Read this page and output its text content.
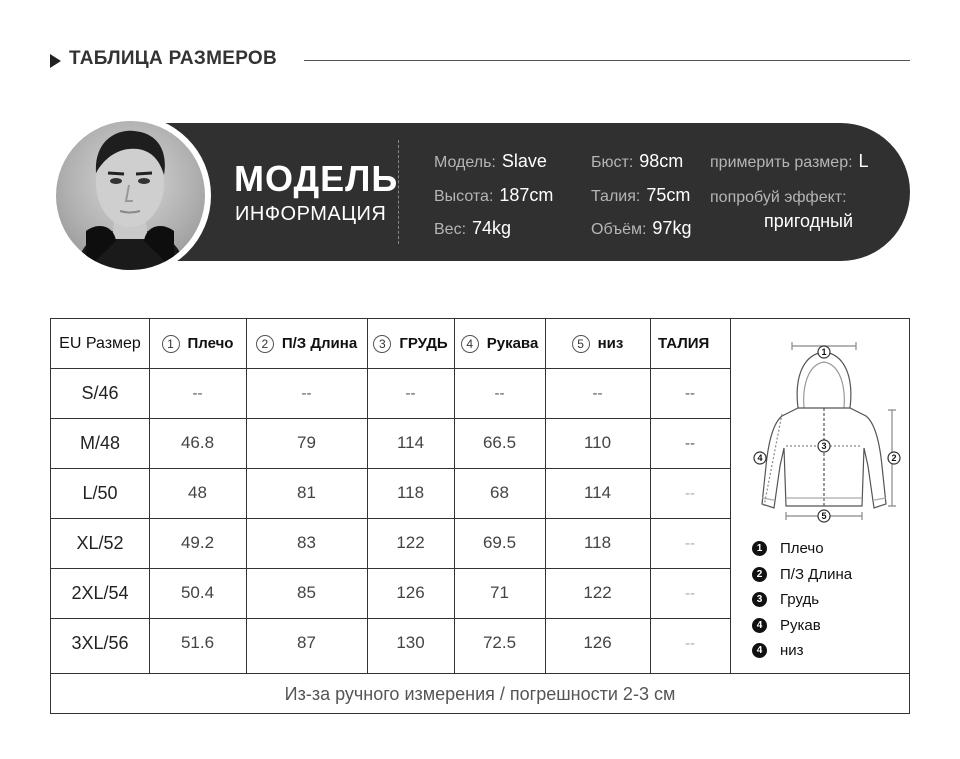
ТАБЛИЦА РАЗМЕРОВ
МОДЕЛЬ
ИНФОРМАЦИЯ
Модель: Slave
Высота: 187cm
Вес: 74kg
Бюст: 98cm
Талия: 75cm
Объём: 97kg
примерить размер: L
попробуй эффект:
пригодный
EU Размер	1 Плечо	2 П/З Длина	3 ГРУДЬ	4 Рукава	5 низ	ТАЛИЯ
S/46	--	--	--	--	--	--
M/48	46.8	79	114	66.5	110	--
L/50	48	81	118	68	114	--
XL/52	49.2	83	122	69.5	118	--
2XL/54	50.4	85	126	71	122	--
3XL/56	51.6	87	130	72.5	126	--
Из-за ручного измерения / погрешности 2-3 см
1
2
3
4
5
1	Плечо
2	П/З Длина
3	Грудь
4	Рукав
4	низ
